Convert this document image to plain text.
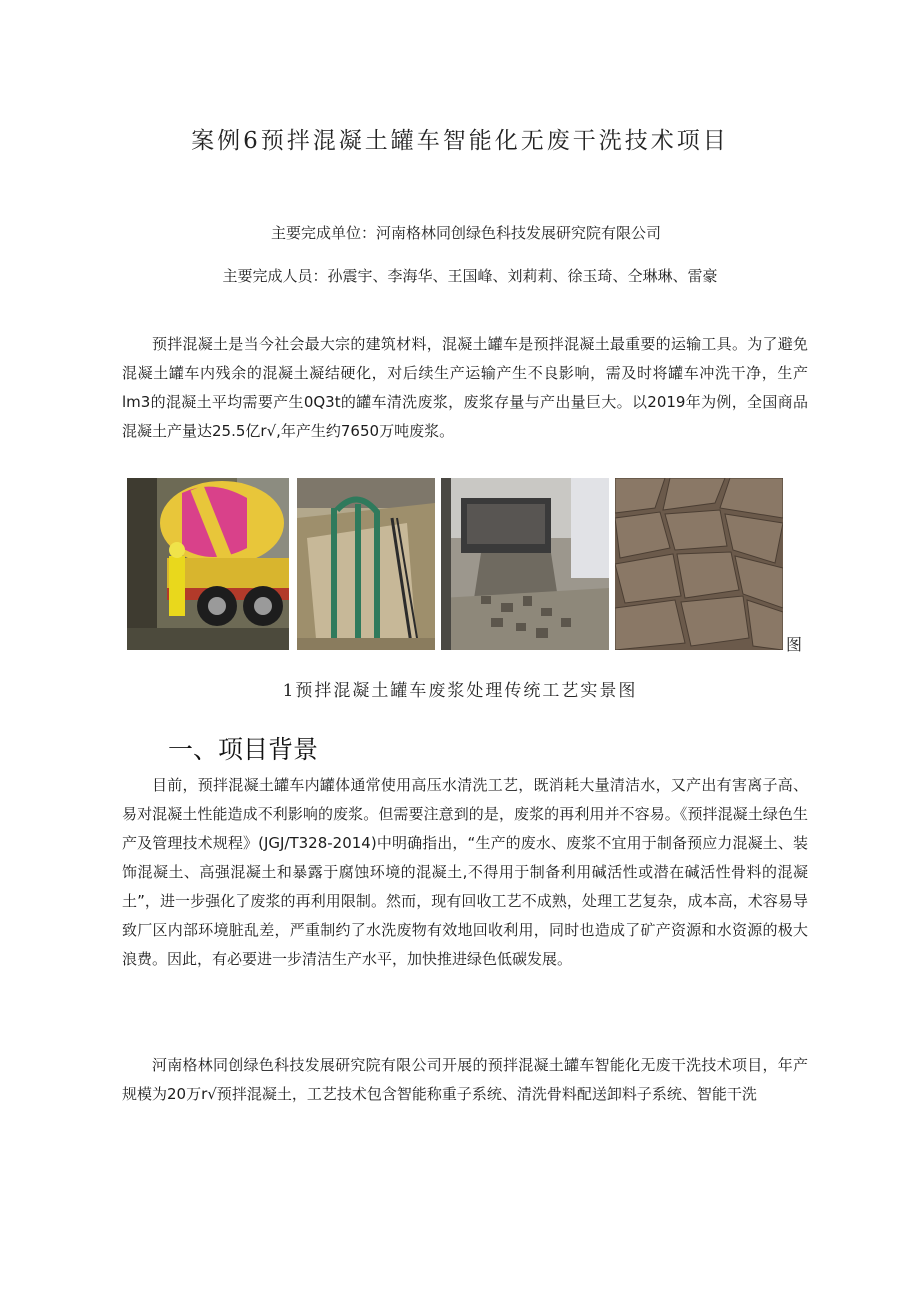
案例6预拌混凝土罐车智能化无废干洗技术项目
主要完成单位：河南格林同创绿色科技发展研究院有限公司
主要完成人员：孙震宇、李海华、王国峰、刘莉莉、徐玉琦、仝琳琳、雷豪

预拌混凝土是当今社会最大宗的建筑材料，混凝土罐车是预拌混凝土最重要的运输工具。为了避免混凝土罐车内残余的混凝土凝结硬化，对后续生产运输产生不良影响，需及时将罐车冲洗干净，生产lm3的混凝土平均需要产生0Q3t的罐车清洗废浆，废浆存量与产出量巨大。以2019年为例，全国商品混凝土产量达25.5亿r√,年产生约7650万吨废浆。

图
1预拌混凝土罐车废浆处理传统工艺实景图
一、项目背景

目前，预拌混凝土罐车内罐体通常使用高压水清洗工艺，既消耗大量清洁水，又产出有害离子高、易对混凝土性能造成不利影响的废浆。但需要注意到的是，废浆的再利用并不容易。《预拌混凝土绿色生产及管理技术规程》(JGJ/T328-2014)中明确指出，“生产的废水、废浆不宜用于制备预应力混凝土、装饰混凝土、高强混凝土和暴露于腐蚀环境的混凝土,不得用于制备利用碱活性或潜在碱活性骨料的混凝土”，进一步强化了废浆的再利用限制。然而，现有回收工艺不成熟，处理工艺复杂，成本高，术容易导致厂区内部环境脏乱差，严重制约了水洗废物有效地回收利用，同时也造成了矿产资源和水资源的极大浪费。因此，有必要进一步清洁生产水平，加快推进绿色低碳发展。

河南格林同创绿色科技发展研究院有限公司开展的预拌混凝土罐车智能化无废干洗技术项目，年产规模为20万r√预拌混凝土，工艺技术包含智能称重子系统、清洗骨料配送卸料子系统、智能干洗
